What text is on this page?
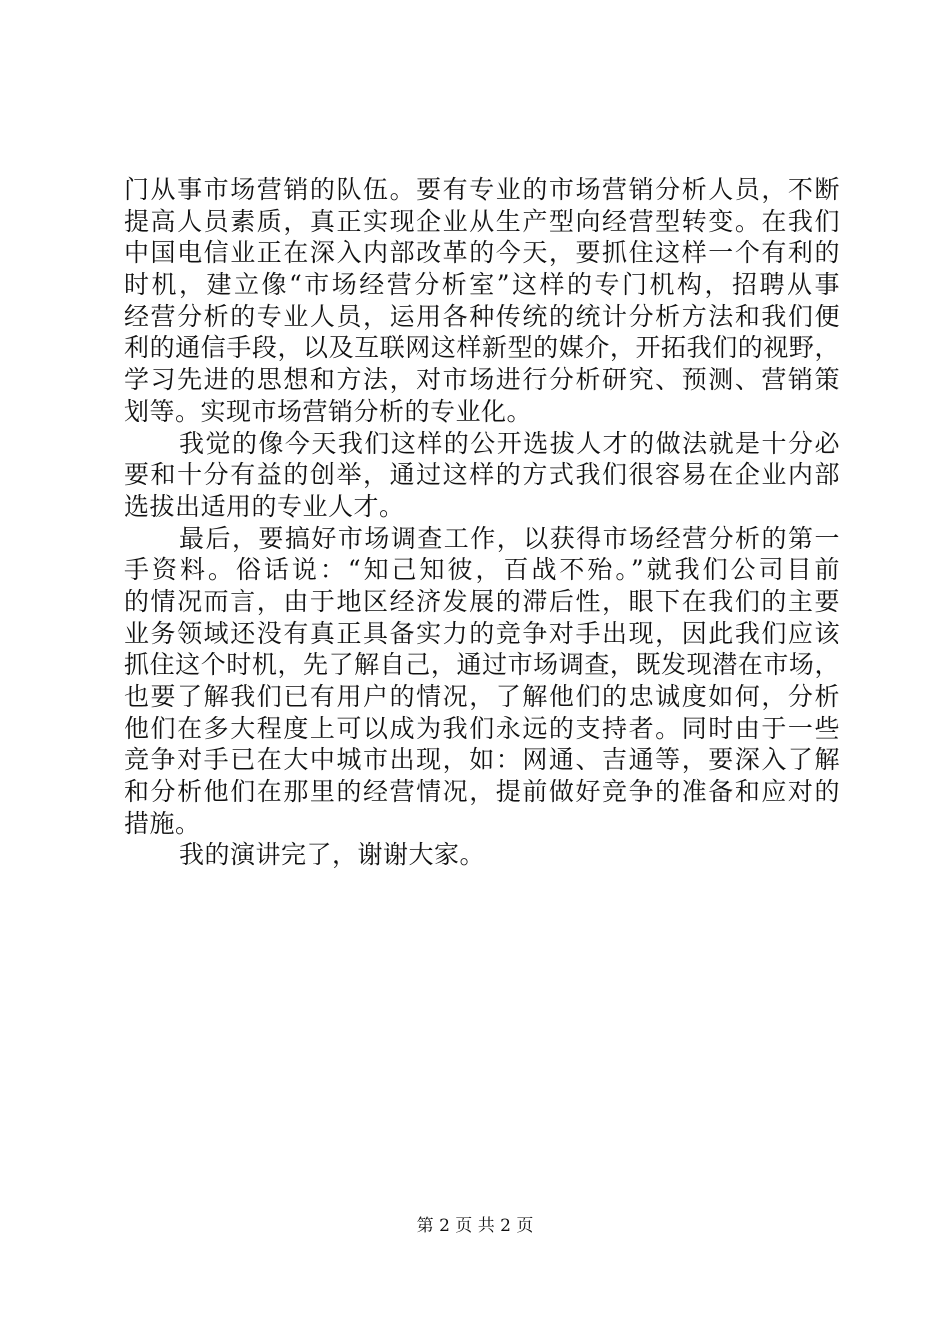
门从事市场营销的队伍。要有专业的市场营销分析人员，不断
提高人员素质，真正实现企业从生产型向经营型转变。在我们
中国电信业正在深入内部改革的今天，要抓住这样一个有利的
时机，建立像“市场经营分析室”这样的专门机构，招聘从事
经营分析的专业人员，运用各种传统的统计分析方法和我们便
利的通信手段，以及互联网这样新型的媒介，开拓我们的视野，
学习先进的思想和方法，对市场进行分析研究、预测、营销策
划等。实现市场营销分析的专业化。
我觉的像今天我们这样的公开选拔人才的做法就是十分必
要和十分有益的创举，通过这样的方式我们很容易在企业内部
选拔出适用的专业人才。
最后，要搞好市场调查工作，以获得市场经营分析的第一
手资料。俗话说：“知己知彼，百战不殆。”就我们公司目前
的情况而言，由于地区经济发展的滞后性，眼下在我们的主要
业务领域还没有真正具备实力的竞争对手出现，因此我们应该
抓住这个时机，先了解自己，通过市场调查，既发现潜在市场，
也要了解我们已有用户的情况，了解他们的忠诚度如何，分析
他们在多大程度上可以成为我们永远的支持者。同时由于一些
竞争对手已在大中城市出现，如：网通、吉通等，要深入了解
和分析他们在那里的经营情况，提前做好竞争的准备和应对的
措施。
我的演讲完了，谢谢大家。
第 2 页 共 2 页
